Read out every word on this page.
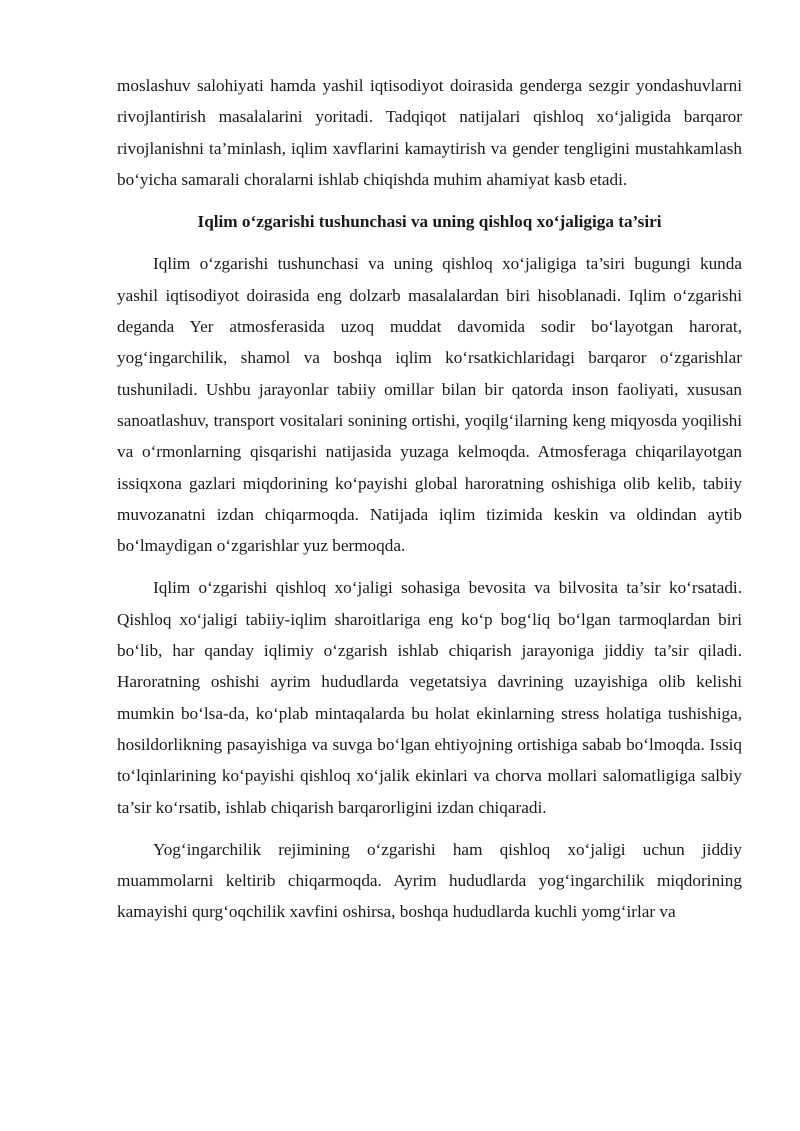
moslashuv salohiyati hamda yashil iqtisodiyot doirasida genderga sezgir yondashuvlarni rivojlantirish masalalarini yoritadi. Tadqiqot natijalari qishloq xo‘jaligida barqaror rivojlanishni ta’minlash, iqlim xavflarini kamaytirish va gender tengligini mustahkamlash bo‘yicha samarali choralarni ishlab chiqishda muhim ahamiyat kasb etadi.

Iqlim o‘zgarishi tushunchasi va uning qishloq xo‘jaligiga ta’siri

Iqlim o‘zgarishi tushunchasi va uning qishloq xo‘jaligiga ta’siri bugungi kunda yashil iqtisodiyot doirasida eng dolzarb masalalardan biri hisoblanadi. Iqlim o‘zgarishi deganda Yer atmosferasida uzoq muddat davomida sodir bo‘layotgan harorat, yog‘ingarchilik, shamol va boshqa iqlim ko‘rsatkichlaridagi barqaror o‘zgarishlar tushuniladi. Ushbu jarayonlar tabiiy omillar bilan bir qatorda inson faoliyati, xususan sanoatlashuv, transport vositalari sonining ortishi, yoqilg‘ilarning keng miqyosda yoqilishi va o‘rmonlarning qisqarishi natijasida yuzaga kelmoqda. Atmosferaga chiqarilayotgan issiqxona gazlari miqdorining ko‘payishi global haroratning oshishiga olib kelib, tabiiy muvozanatni izdan chiqarmoqda. Natijada iqlim tizimida keskin va oldindan aytib bo‘lmaydigan o‘zgarishlar yuz bermoqda.

Iqlim o‘zgarishi qishloq xo‘jaligi sohasiga bevosita va bilvosita ta’sir ko‘rsatadi. Qishloq xo‘jaligi tabiiy-iqlim sharoitlariga eng ko‘p bog‘liq bo‘lgan tarmoqlardan biri bo‘lib, har qanday iqlimiy o‘zgarish ishlab chiqarish jarayoniga jiddiy ta’sir qiladi. Haroratning oshishi ayrim hududlarda vegetatsiya davrining uzayishiga olib kelishi mumkin bo‘lsa-da, ko‘plab mintaqalarda bu holat ekinlarning stress holatiga tushishiga, hosildorlikning pasayishiga va suvga bo‘lgan ehtiyojning ortishiga sabab bo‘lmoqda. Issiq to‘lqinlarining ko‘payishi qishloq xo‘jalik ekinlari va chorva mollari salomatligiga salbiy ta’sir ko‘rsatib, ishlab chiqarish barqarorligini izdan chiqaradi.

Yog‘ingarchilik rejimining o‘zgarishi ham qishloq xo‘jaligi uchun jiddiy muammolarni keltirib chiqarmoqda. Ayrim hududlarda yog‘ingarchilik miqdorining kamayishi qurg‘oqchilik xavfini oshirsa, boshqa hududlarda kuchli yomg‘irlar va
